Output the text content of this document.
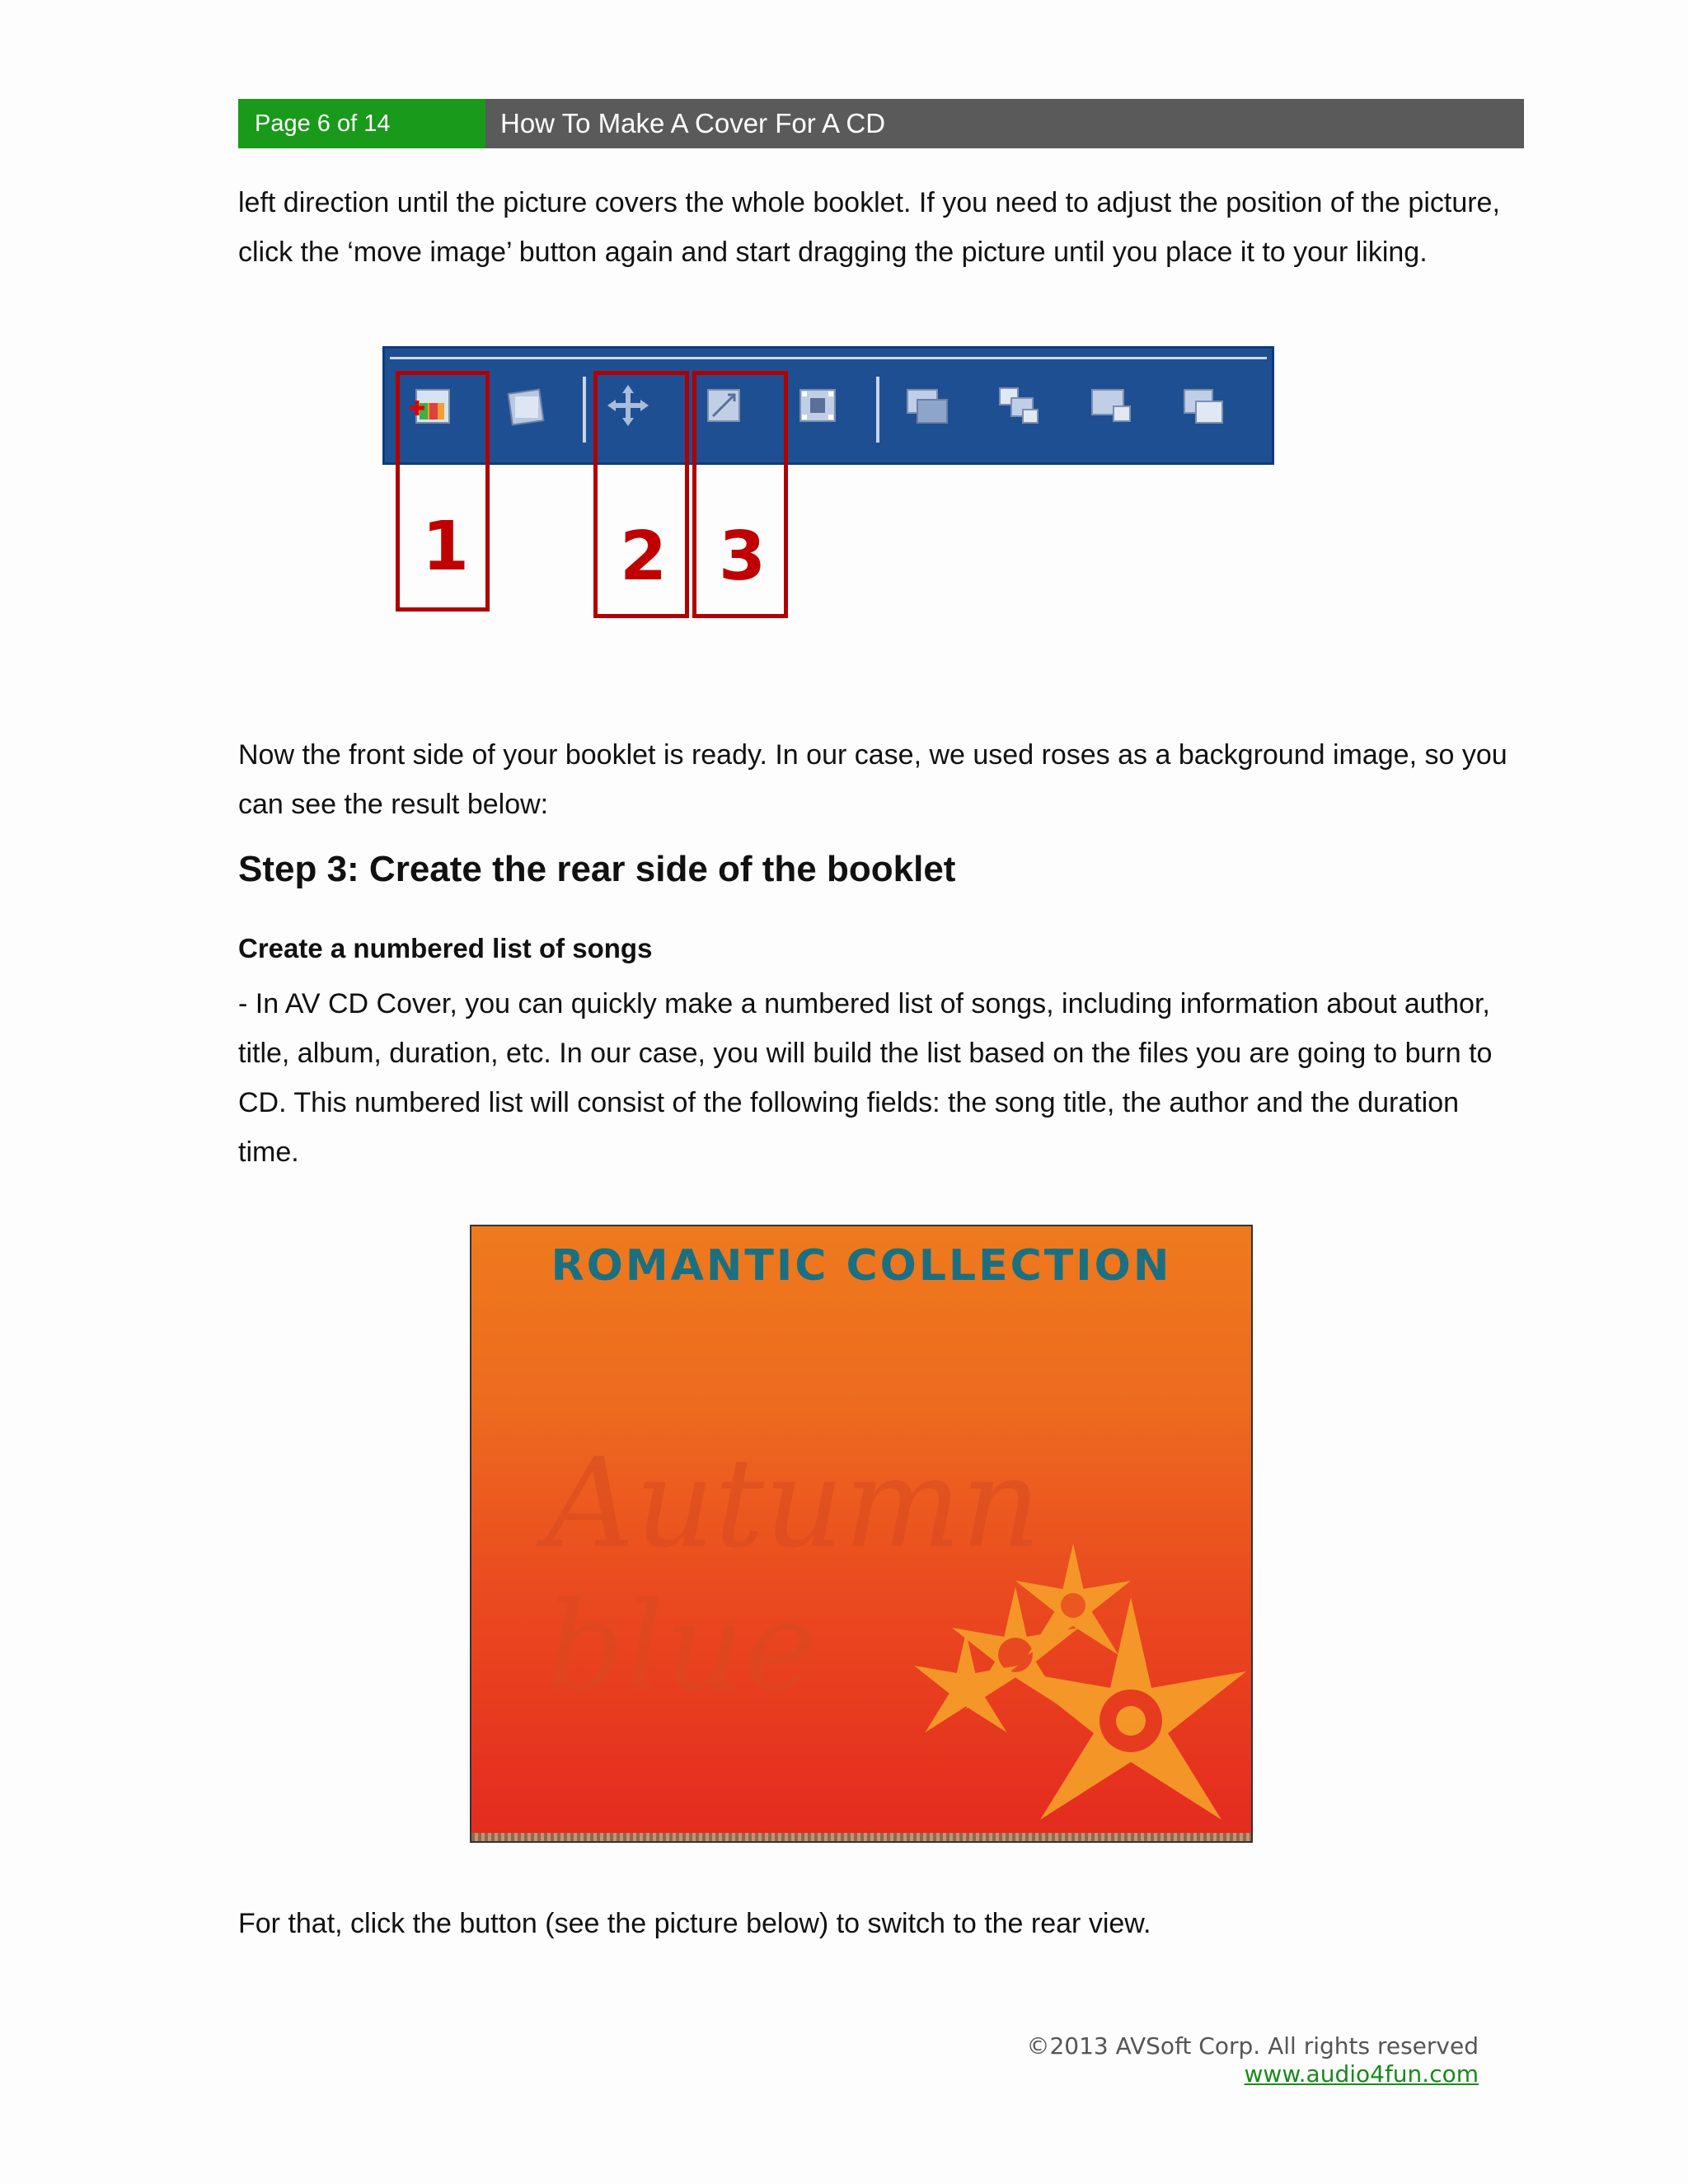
Page 6 of 14	How To Make A Cover For A CD

left direction until the picture covers the whole booklet. If you need to adjust the position of the picture,

click the ‘move image’ button again and start dragging the picture until you place it to your liking.

1 2 3

Now the front side of your booklet is ready. In our case, we used roses as a background image, so you

can see the result below:

Step 3: Create the rear side of the booklet
Create a numbered list of songs

- In AV CD Cover, you can quickly make a numbered list of songs, including information about author,

title, album, duration, etc. In our case, you will build the list based on the files you are going to burn to

CD. This numbered list will consist of the following fields: the song title, the author and the duration

time.

ROMANTIC COLLECTION
Autumn blue

For that, click the button (see the picture below) to switch to the rear view.

©2013 AVSoft Corp. All rights reserved
www.audio4fun.com
